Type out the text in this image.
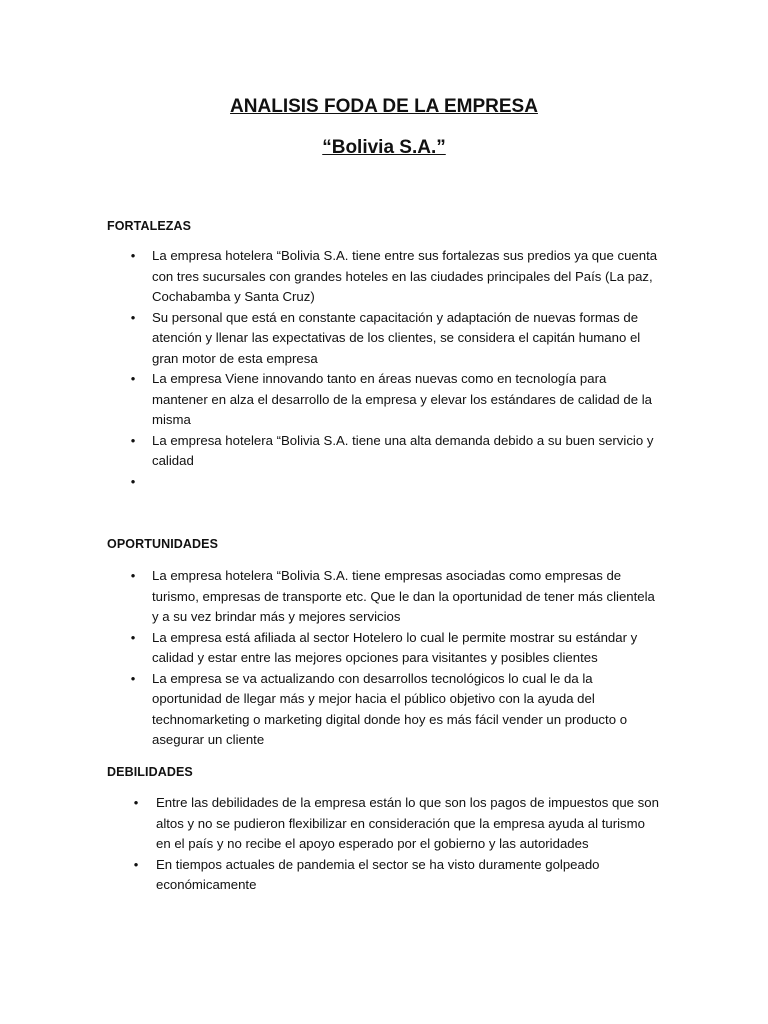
ANALISIS FODA DE LA EMPRESA
“Bolivia S.A.”
FORTALEZAS
• La empresa hotelera “Bolivia S.A. tiene entre sus fortalezas sus predios ya que cuenta con tres sucursales con grandes hoteles en las ciudades principales del País (La paz, Cochabamba y Santa Cruz)
• Su personal que está en constante capacitación y adaptación de nuevas formas de atención y llenar las expectativas de los clientes, se considera el capitán humano el gran motor de esta empresa
• La empresa Viene innovando tanto en áreas nuevas como en tecnología para mantener en alza el desarrollo de la empresa y elevar los estándares de calidad de la misma
• La empresa hotelera “Bolivia S.A. tiene una alta demanda debido a su buen servicio y calidad
•

OPORTUNIDADES
• La empresa hotelera “Bolivia S.A. tiene empresas asociadas como empresas de turismo, empresas de transporte etc. Que le dan la oportunidad de tener más clientela y a su vez brindar más y mejores servicios
• La empresa está afiliada al sector Hotelero lo cual le permite mostrar su estándar y calidad y estar entre las mejores opciones para visitantes y posibles clientes
• La empresa se va actualizando con desarrollos tecnológicos lo cual le da la oportunidad de llegar más y mejor hacia el público objetivo con la ayuda del technomarketing o marketing digital donde hoy es más fácil vender un producto o asegurar un cliente
DEBILIDADES
• Entre las debilidades de la empresa están lo que son los pagos de impuestos que son altos y no se pudieron flexibilizar en consideración que la empresa ayuda al turismo en el país y no recibe el apoyo esperado por el gobierno y las autoridades
• En tiempos actuales de pandemia el sector se ha visto duramente golpeado económicamente
